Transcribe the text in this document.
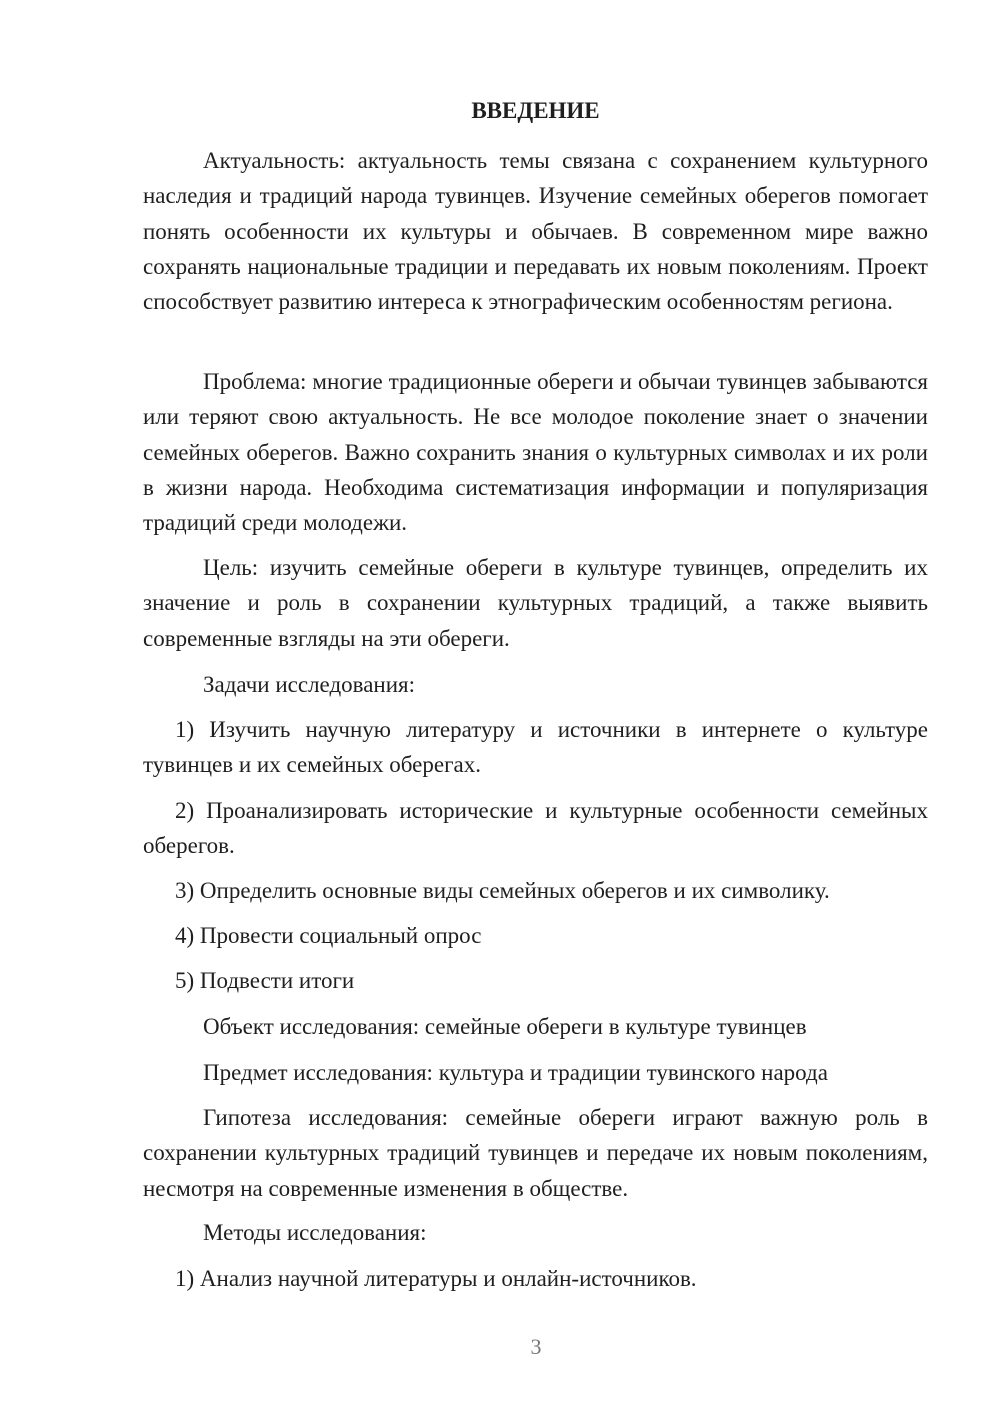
ВВЕДЕНИЕ

Актуальность: актуальность темы связана с сохранением культурного наследия и традиций народа тувинцев. Изучение семейных оберегов помогает понять особенности их культуры и обычаев. В современном мире важно сохранять национальные традиции и передавать их новым поколениям. Проект способствует развитию интереса к этнографическим особенностям региона.

Проблема: многие традиционные обереги и обычаи тувинцев забываются или теряют свою актуальность. Не все молодое поколение знает о значении семейных оберегов. Важно сохранить знания о культурных символах и их роли в жизни народа. Необходима систематизация информации и популяризация традиций среди молодежи.

Цель: изучить семейные обереги в культуре тувинцев, определить их значение и роль в сохранении культурных традиций, а также выявить современные взгляды на эти обереги.

Задачи исследования:

1) Изучить научную литературу и источники в интернете о культуре тувинцев и их семейных оберегах.

2) Проанализировать исторические и культурные особенности семейных оберегов.

3) Определить основные виды семейных оберегов и их символику.

4) Провести социальный опрос

5) Подвести итоги

Объект исследования: семейные обереги в культуре тувинцев

Предмет исследования: культура и традиции тувинского народа

Гипотеза исследования: семейные обереги играют важную роль в сохранении культурных традиций тувинцев и передаче их новым поколениям, несмотря на современные изменения в обществе.

Методы исследования:

1) Анализ научной литературы и онлайн-источников.

3
